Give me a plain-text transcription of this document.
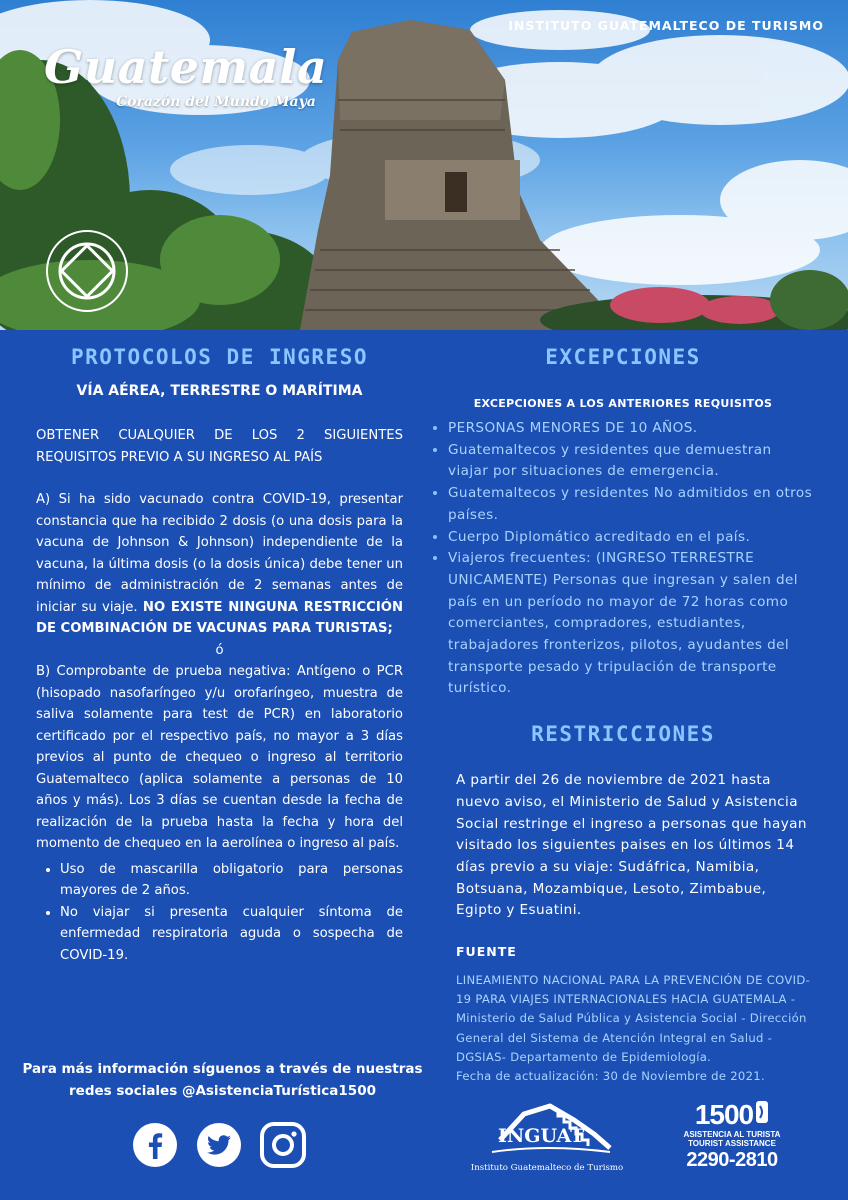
INSTITUTO GUATEMALTECO DE TURISMO
Guatemala
Corazón del Mundo Maya
PROTOCOLOS DE INGRESO
VÍA AÉREA, TERRESTRE O MARÍTIMA

OBTENER CUALQUIER DE LOS 2 SIGUIENTES REQUISITOS PREVIO A SU INGRESO AL PAÍS

A) Si ha sido vacunado contra COVID-19, presentar constancia que ha recibido 2 dosis (o una dosis para la vacuna de Johnson & Johnson) independiente de la vacuna, la última dosis (o la dosis única) debe tener un mínimo de administración de 2 semanas antes de iniciar su viaje. NO EXISTE NINGUNA RESTRICCIÓN DE COMBINACIÓN DE VACUNAS PARA TURISTAS;

ó

B) Comprobante de prueba negativa: Antígeno o PCR (hisopado nasofaríngeo y/u orofaríngeo, muestra de saliva solamente para test de PCR) en laboratorio certificado por el respectivo país, no mayor a 3 días previos al punto de chequeo o ingreso al territorio Guatemalteco (aplica solamente a personas de 10 años y más). Los 3 días se cuentan desde la fecha de realización de la prueba hasta la fecha y hora del momento de chequeo en la aerolínea o ingreso al país.

• Uso de mascarilla obligatorio para personas mayores de 2 años.
• No viajar si presenta cualquier síntoma de enfermedad respiratoria aguda o sospecha de COVID-19.
Para más información síguenos a través de nuestras
redes sociales @AsistenciaTurística1500
EXCEPCIONES
EXCEPCIONES A LOS ANTERIORES REQUISITOS
• PERSONAS MENORES DE 10 AÑOS.
• Guatemaltecos y residentes que demuestran viajar por situaciones de emergencia.
• Guatemaltecos y residentes No admitidos en otros países.
• Cuerpo Diplomático acreditado en el país.
• Viajeros frecuentes: (INGRESO TERRESTRE UNICAMENTE) Personas que ingresan y salen del país en un período no mayor de 72 horas como comerciantes, compradores, estudiantes, trabajadores fronterizos, pilotos, ayudantes del transporte pesado y tripulación de transporte turístico.
RESTRICCIONES
A partir del 26 de noviembre de 2021 hasta nuevo aviso, el Ministerio de Salud y Asistencia Social restringe el ingreso a personas que hayan visitado los siguientes paises en los últimos 14 días previo a su viaje: Sudáfrica, Namibia, Botsuana, Mozambique, Lesoto, Zimbabue, Egipto y Esuatini.
FUENTE
LINEAMIENTO NACIONAL PARA LA PREVENCIÓN DE COVID-19 PARA VIAJES INTERNACIONALES HACIA GUATEMALA - Ministerio de Salud Pública y Asistencia Social - Dirección General del Sistema de Atención Integral en Salud -DGSIAS- Departamento de Epidemiología.
Fecha de actualización: 30 de Noviembre de 2021.
INGUAT
Instituto Guatemalteco de Turismo
1500
ASISTENCIA AL TURISTA
TOURIST ASSISTANCE
2290-2810
